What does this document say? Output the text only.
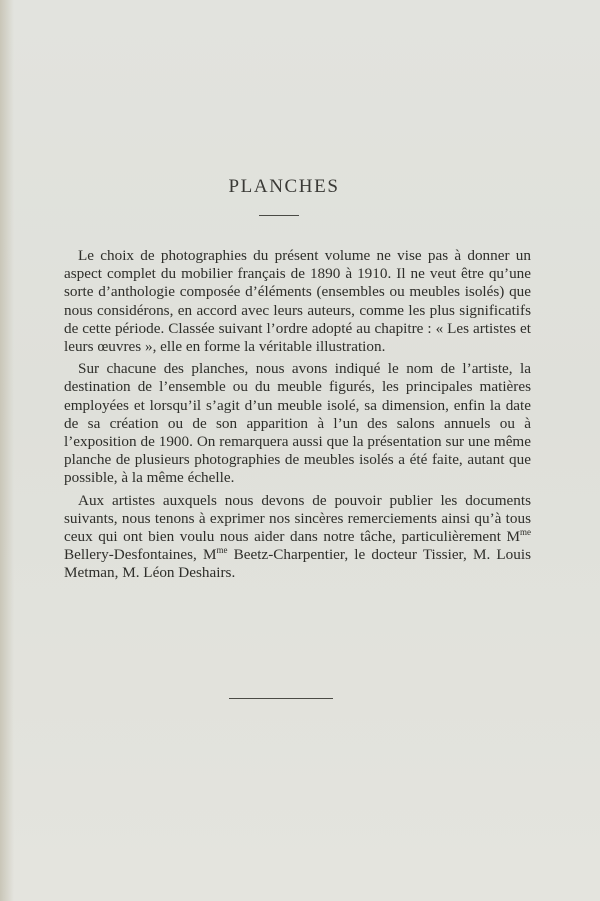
PLANCHES

Le choix de photographies du présent volume ne vise pas à donner un aspect complet du mobilier français de 1890 à 1910. Il ne veut être qu’une sorte d’anthologie composée d’éléments (ensembles ou meubles isolés) que nous considérons, en accord avec leurs auteurs, comme les plus significatifs de cette période. Classée suivant l’ordre adopté au chapitre : « Les artistes et leurs œuvres », elle en forme la véritable illustration.

Sur chacune des planches, nous avons indiqué le nom de l’artiste, la destination de l’ensemble ou du meuble figurés, les principales matières employées et lorsqu’il s’agit d’un meuble isolé, sa dimension, enfin la date de sa création ou de son apparition à l’un des salons annuels ou à l’exposition de 1900. On remarquera aussi que la présentation sur une même planche de plusieurs photographies de meubles isolés a été faite, autant que possible, à la même échelle.

Aux artistes auxquels nous devons de pouvoir publier les documents suivants, nous tenons à exprimer nos sincères remerciements ainsi qu’à tous ceux qui ont bien voulu nous aider dans notre tâche, particulièrement $M^{me}$ Bellery-Desfontaines, $M^{me}$ Beetz-Charpentier, le docteur Tissier, M. Louis Metman, M. Léon Deshairs.
